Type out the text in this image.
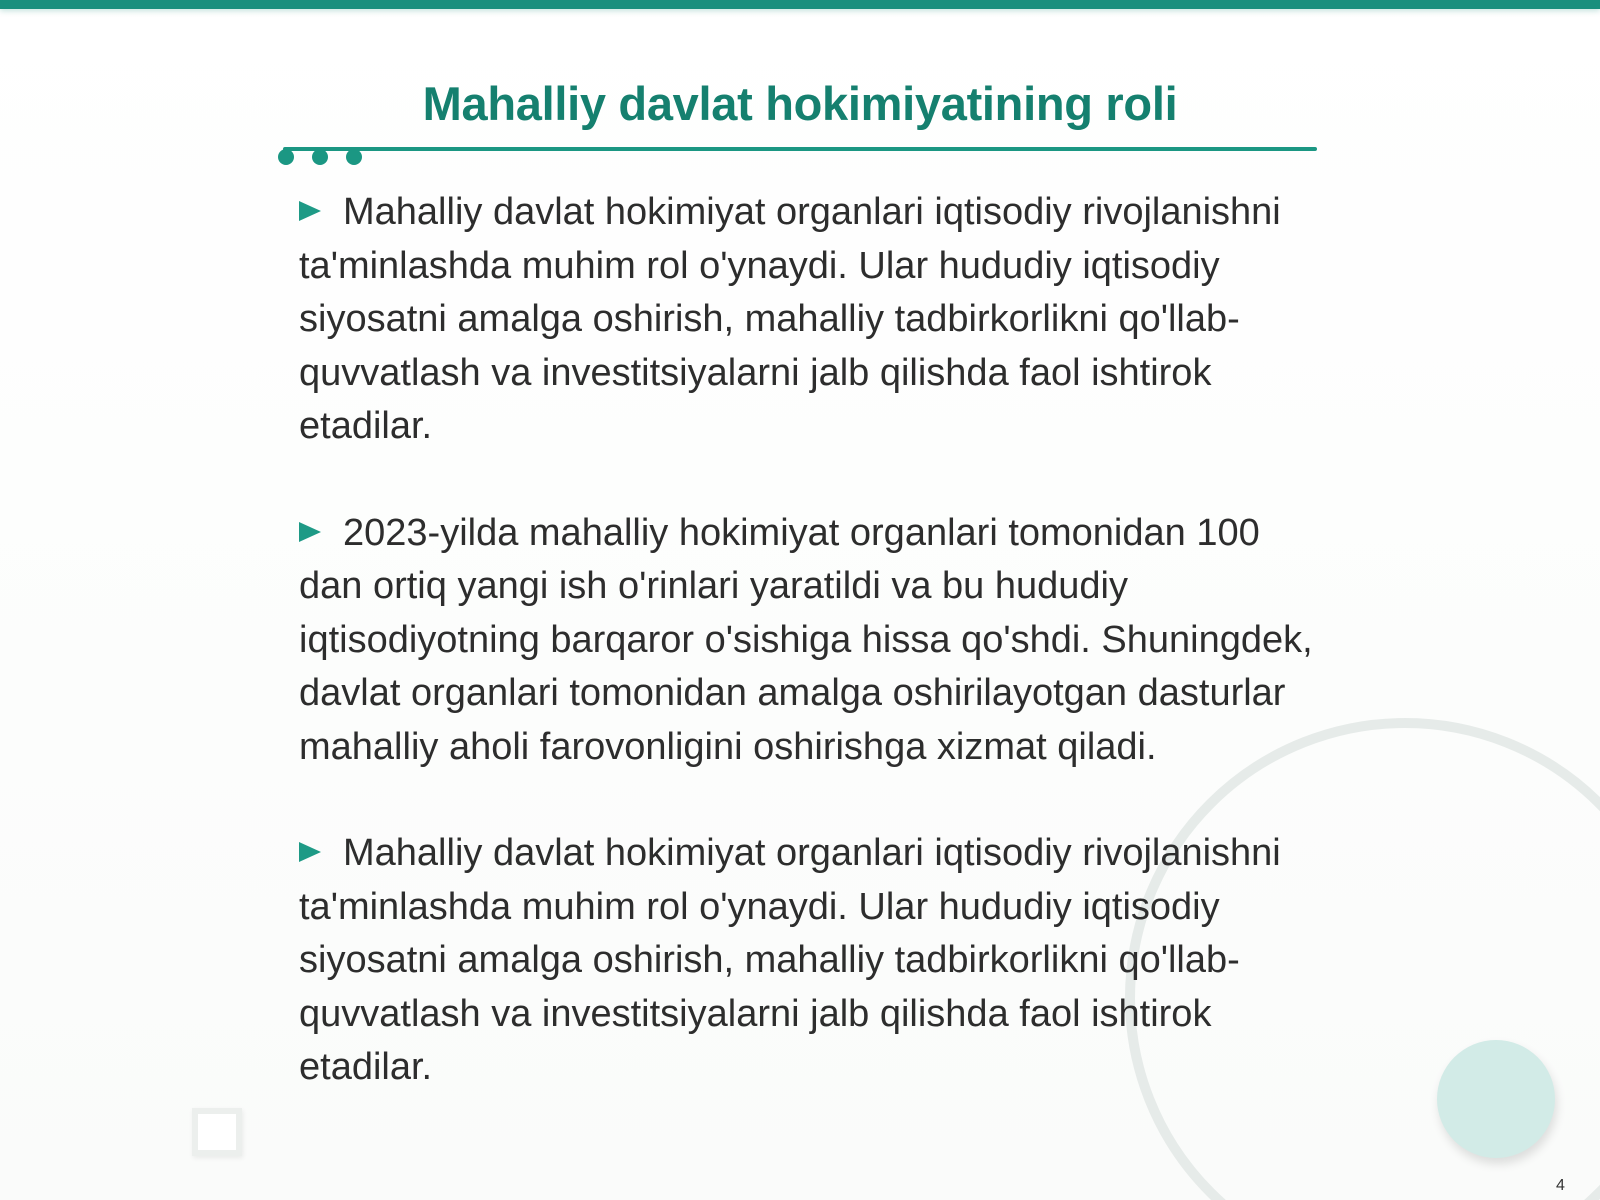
Mahalliy davlat hokimiyatining roli

Mahalliy davlat hokimiyat organlari iqtisodiy rivojlanishni ta'minlashda muhim rol o'ynaydi. Ular hududiy iqtisodiy siyosatni amalga oshirish, mahalliy tadbirkorlikni qo'llab-quvvatlash va investitsiyalarni jalb qilishda faol ishtirok etadilar.

2023-yilda mahalliy hokimiyat organlari tomonidan 100 dan ortiq yangi ish o'rinlari yaratildi va bu hududiy iqtisodiyotning barqaror o'sishiga hissa qo'shdi. Shuningdek, davlat organlari tomonidan amalga oshirilayotgan dasturlar mahalliy aholi farovonligini oshirishga xizmat qiladi.

Mahalliy davlat hokimiyat organlari iqtisodiy rivojlanishni ta'minlashda muhim rol o'ynaydi. Ular hududiy iqtisodiy siyosatni amalga oshirish, mahalliy tadbirkorlikni qo'llab-quvvatlash va investitsiyalarni jalb qilishda faol ishtirok etadilar.

4
